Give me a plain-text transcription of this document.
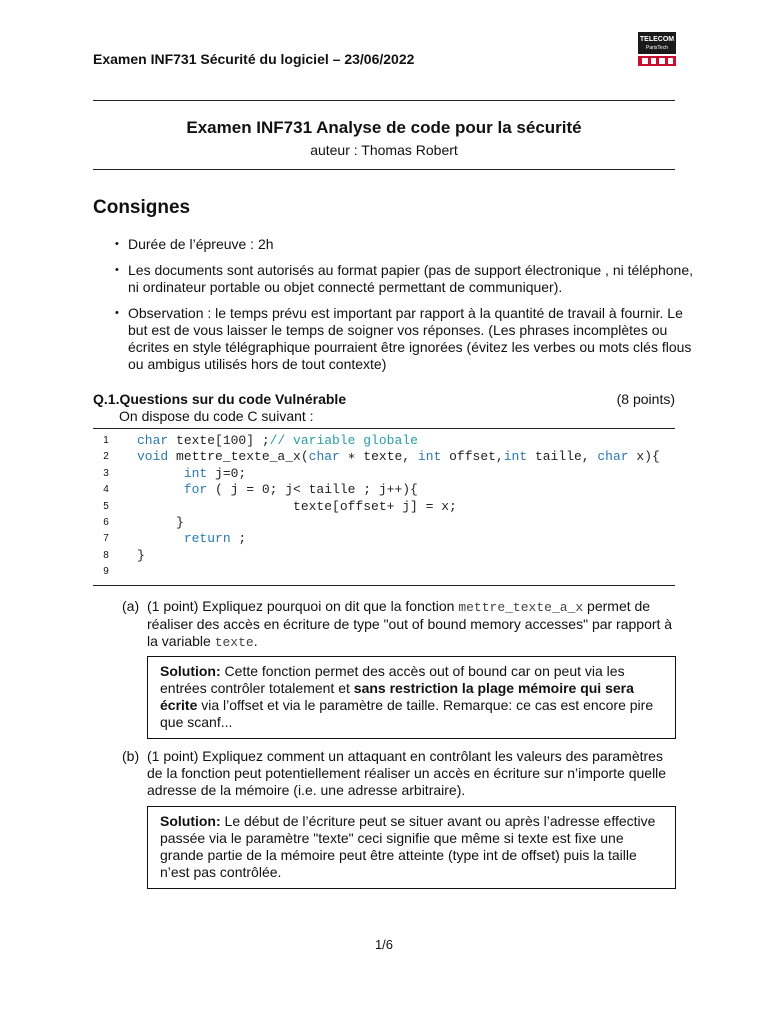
Examen INF731 Sécurité du logiciel – 23/06/2022
TELECOM
ParisTech
Examen INF731 Analyse de code pour la sécurité
auteur : Thomas Robert
Consignes
• Durée de l’épreuve : 2h
• Les documents sont autorisés au format papier (pas de support électronique , ni téléphone, ni ordinateur portable ou objet connecté permettant de communiquer).
• Observation : le temps prévu est important par rapport à la quantité de travail à fournir. Le but est de vous laisser le temps de soigner vos réponses. (Les phrases incomplètes ou écrites en style télégraphique pourraient être ignorées (évitez les verbes ou mots clés flous ou ambigus utilisés hors de tout contexte)
Q.1.Questions sur du code Vulnérable	(8 points)
On dispose du code C suivant :
1	char texte[100] ;// variable globale
2	void mettre_texte_a_x(char ∗ texte, int offset,int taille, char x){
3	int j=0;
4	for ( j = 0; j< taille ; j++){
5	texte[offset+ j] = x;
6	}
7	return ;
8	}
9
(a) (1 point) Expliquez pourquoi on dit que la fonction mettre_texte_a_x permet de réaliser des accès en écriture de type "out of bound memory accesses" par rapport à la variable texte.
Solution: Cette fonction permet des accès out of bound car on peut via les entrées contrôler totalement et sans restriction la plage mémoire qui sera écrite via l’offset et via le paramètre de taille. Remarque: ce cas est encore pire que scanf...
(b) (1 point) Expliquez comment un attaquant en contrôlant les valeurs des paramètres de la fonction peut potentiellement réaliser un accès en écriture sur n’importe quelle adresse de la mémoire (i.e. une adresse arbitraire).
Solution: Le début de l’écriture peut se situer avant ou après l’adresse effective passée via le paramètre "texte" ceci signifie que même si texte est fixe une grande partie de la mémoire peut être atteinte (type int de offset) puis la taille n’est pas contrôlée.
1/6
